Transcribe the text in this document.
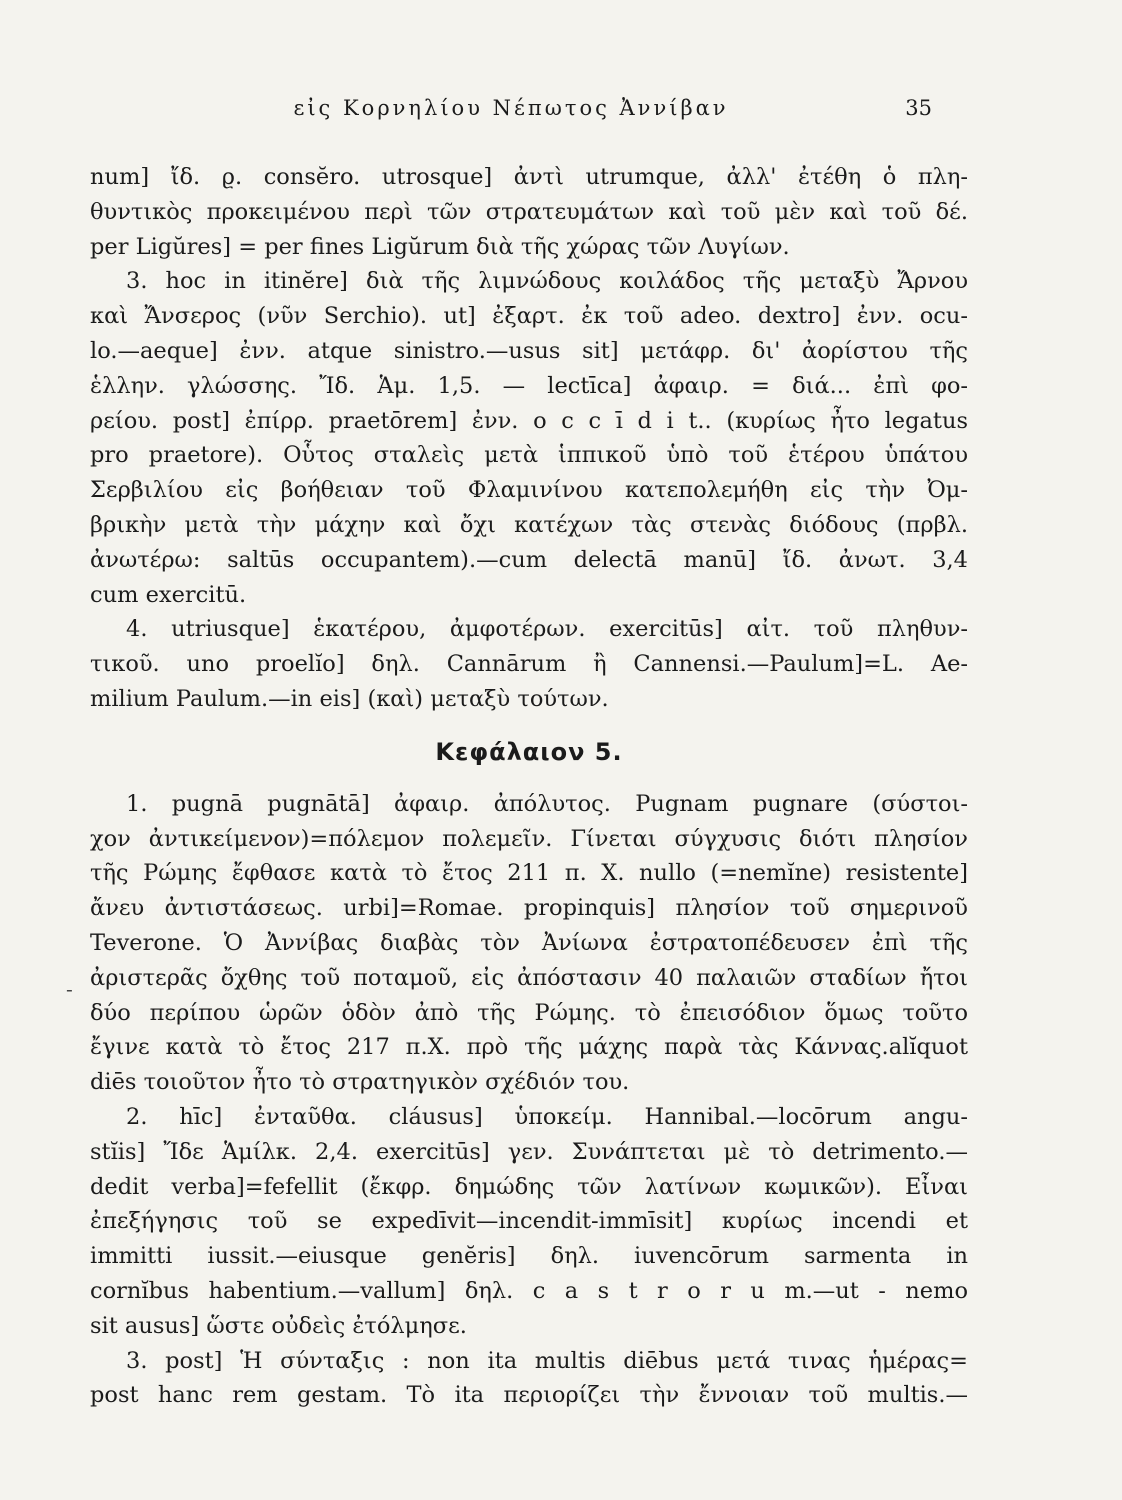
εἰς Κορνηλίου Νέπωτος Ἀννίβαν	35
-
num] ἴδ. ϱ. consĕro. utrosque] ἀντὶ utrumque, ἀλλ' ἐτέθη ὁ πλη-
θυντικὸς προκειμένου περὶ τῶν στρατευμάτων καὶ τοῦ μὲν καὶ τοῦ δέ.
per Ligŭres] = per fines Ligŭrum διὰ τῆς χώρας τῶν Λυγίων.
3. hoc in itinĕre] διὰ τῆς λιμνώδους κοιλάδος τῆς μεταξὺ Ἄρνου
καὶ Ἄνσερος (νῦν Serchio). ut] ἐξαρτ. ἐκ τοῦ adeo. dextro] ἐνν. ocu-
lo.—aeque] ἐνν. atque sinistro.—usus sit] μετάφρ. δι' ἀορίστου τῆς
ἑλλην. γλώσσης. Ἴδ. Ἁμ. 1,5. — lectīca] ἀφαιρ. = διά... ἐπὶ φο-
ρείου. post] ἐπίρρ. praetōrem] ἐνν. o c c ī d i t.. (κυρίως ἦτο legatus
pro praetore). Οὗτος σταλεὶς μετὰ ἱππικοῦ ὑπὸ τοῦ ἑτέρου ὑπάτου
Σερβιλίου εἰς βοήθειαν τοῦ Φλαμινίνου κατεπολεμήθη εἰς τὴν Ὀμ-
βρικὴν μετὰ τὴν μάχην καὶ ὄχι κατέχων τὰς στενὰς διόδους (πρβλ.
ἀνωτέρω: saltūs occupantem).—cum delectā manū] ἴδ. ἀνωτ. 3,4
cum exercitū.
4. utriusque] ἑκατέρου, ἀμφοτέρων. exercitūs] αἰτ. τοῦ πληθυν-
τικοῦ. uno proelĭo] δηλ. Cannārum ἢ Cannensi.—Paulum]=L. Ae-
milium Paulum.—in eis] (καὶ) μεταξὺ τούτων.
Κεφάλαιον 5.
1. pugnā pugnātā] ἀφαιρ. ἀπόλυτος. Pugnam pugnare (σύστοι-
χον ἀντικείμενον)=πόλεμον πολεμεῖν. Γίνεται σύγχυσις διότι πλησίον
τῆς Ρώμης ἔφθασε κατὰ τὸ ἔτος 211 π. Χ. nullo (=nemĭne) resistente]
ἄνευ ἀντιστάσεως. urbi]=Romae. propinquis] πλησίον τοῦ σημερινοῦ
Teverone. Ὁ Ἀννίβας διαβὰς τὸν Ἀνίωνα ἐστρατοπέδευσεν ἐπὶ τῆς
ἀριστερᾶς ὄχθης τοῦ ποταμοῦ, εἰς ἀπόστασιν 40 παλαιῶν σταδίων ἤτοι
δύο περίπου ὡρῶν ὁδὸν ἀπὸ τῆς Ρώμης. τὸ ἐπεισόδιον ὅμως τοῦτο
ἔγινε κατὰ τὸ ἔτος 217 π.Χ. πρὸ τῆς μάχης παρὰ τὰς Κάννας.alĭquot
diēs τοιοῦτον ἦτο τὸ στρατηγικὸν σχέδιόν του.
2. hīc] ἐνταῦθα. cláusus] ὑποκείμ. Hannibal.—locōrum angu-
stĭis] Ἴδε Ἁμίλκ. 2,4. exercitūs] γεν. Συνάπτεται μὲ τὸ detrimento.—
dedit verba]=fefellit (ἔκφρ. δημώδης τῶν λατίνων κωμικῶν). Εἶναι
ἐπεξήγησις τοῦ se expedīvit—incendit-immīsit] κυρίως incendi et
immitti iussit.—eiusque genĕris] δηλ. iuvencōrum sarmenta in
cornĭbus habentium.—vallum] δηλ. c a s t r o r u m.—ut - nemo
sit ausus] ὥστε οὐδεὶς ἐτόλμησε.
3. post] Ἡ σύνταξις : non ita multis diēbus μετά τινας ἡμέρας=
post hanc rem gestam. Τὸ ita περιορίζει τὴν ἔννοιαν τοῦ multis.—
